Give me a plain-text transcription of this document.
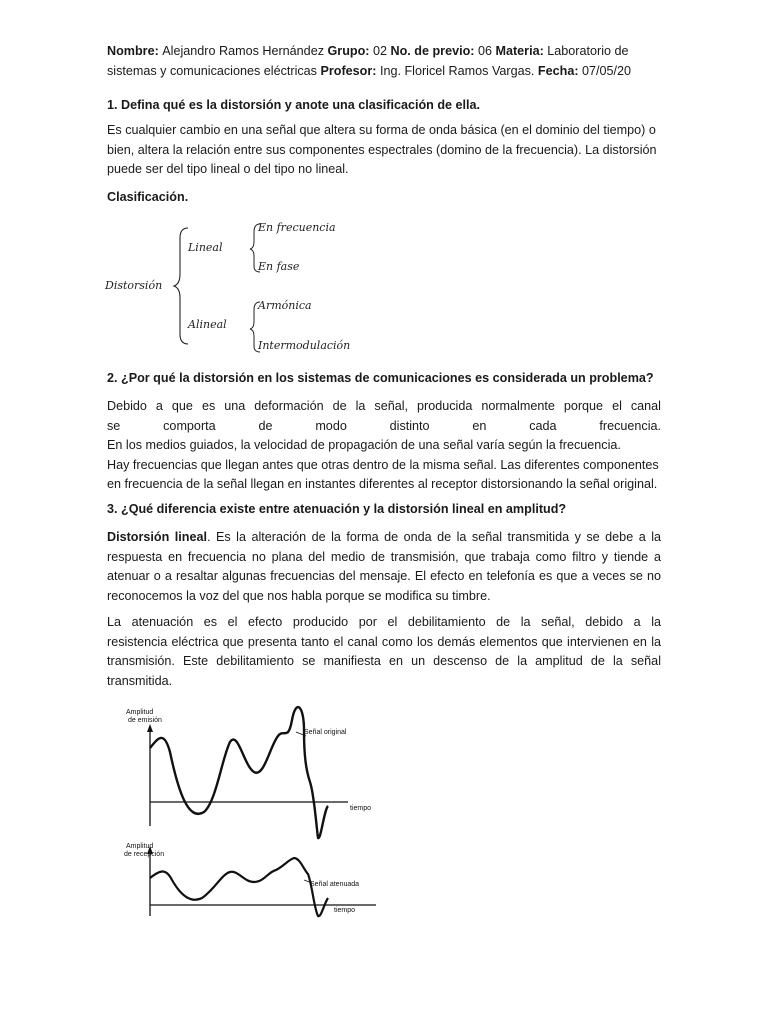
Nombre: Alejandro Ramos Hernández Grupo: 02 No. de previo: 06 Materia: Laboratorio de
sistemas y comunicaciones eléctricas Profesor: Ing. Floricel Ramos Vargas. Fecha: 07/05/20

1. Defina qué es la distorsión y anote una clasificación de ella.

Es cualquier cambio en una señal que altera su forma de onda básica (en el dominio del tiempo) o
bien, altera la relación entre sus componentes espectrales (domino de la frecuencia). La distorsión
puede ser del tipo lineal o del tipo no lineal.

Clasificación.

Distorsión
Lineal
En frecuencia
En fase
Alineal
Armónica
Intermodulación

2. ¿Por qué la distorsión en los sistemas de comunicaciones es considerada un problema?

Debido a que es una deformación de la señal, producida normalmente porque el canal
se comporta de modo distinto en cada frecuencia.
En los medios guiados, la velocidad de propagación de una señal varía según la frecuencia.
Hay frecuencias que llegan antes que otras dentro de la misma señal. Las diferentes componentes
en frecuencia de la señal llegan en instantes diferentes al receptor distorsionando la señal original.

3. ¿Qué diferencia existe entre atenuación y la distorsión lineal en amplitud?

Distorsión lineal. Es la alteración de la forma de onda de la señal transmitida y se debe a la
respuesta en frecuencia no plana del medio de transmisión, que trabaja como filtro y tiende a
atenuar o a resaltar algunas frecuencias del mensaje. El efecto en telefonía es que a veces se no
reconocemos la voz del que nos habla porque se modifica su timbre.

La atenuación es el efecto producido por el debilitamiento de la señal, debido a la
resistencia eléctrica que presenta tanto el canal como los demás elementos que intervienen en la
transmisión. Este debilitamiento se manifiesta en un descenso de la amplitud de la señal
transmitida.

Amplitud
de emisión
Señal original
tiempo
Amplitud
de recepción
Señal atenuada
tiempo
